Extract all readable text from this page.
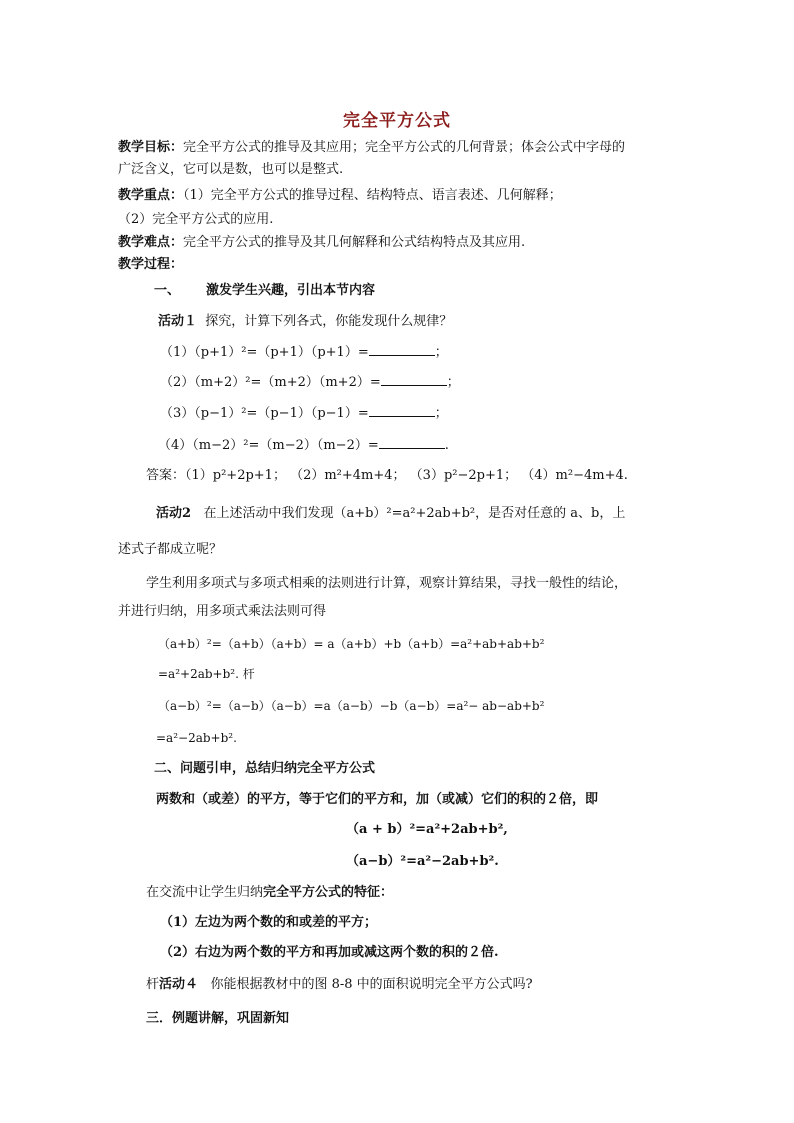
完全平方公式
教学目标：完全平方公式的推导及其应用；完全平方公式的几何背景；体会公式中字母的
广泛含义，它可以是数，也可以是整式.
教学重点：（1）完全平方公式的推导过程、结构特点、语言表述、几何解释；
（2）完全平方公式的应用.
教学难点：完全平方公式的推导及其几何解释和公式结构特点及其应用.
教学过程：
一、 激发学生兴趣，引出本节内容
活动１ 探究，计算下列各式，你能发现什么规律？
（1）（p+1）²=（p+1）（p+1）=	；
（2）（m+2）²=（m+2）（m+2）=	；
（3）（p−1）²=（p−1）（p−1）=	；
（4）（m−2）²=（m−2）（m−2）=	.
答案：（1）p²+2p+1； （2）m²+4m+4； （3）p²−2p+1； （4）m²−4m+4.
活动2 在上述活动中我们发现（a+b）²=a²+2ab+b²，是否对任意的 a、b，上
述式子都成立呢？
学生利用多项式与多项式相乘的法则进行计算，观察计算结果，寻找一般性的结论，
并进行归纳，用多项式乘法法则可得
（a+b）²=（a+b）（a+b）= a（a+b）+b（a+b）=a²+ab+ab+b²
=a²+2ab+b². 杆
（a−b）²=（a−b）（a−b）=a（a−b）−b（a−b）=a²− ab−ab+b²
=a²−2ab+b².
二、问题引申，总结归纳完全平方公式
两数和（或差）的平方，等于它们的平方和，加（或减）它们的积的２倍，即
（a + b）²=a²+2ab+b²,
（a−b）²=a²−2ab+b².
在交流中让学生归纳完全平方公式的特征：
（1）左边为两个数的和或差的平方；
（2）右边为两个数的平方和再加或减这两个数的积的２倍.
杆活动４ 你能根据教材中的图 8-8 中的面积说明完全平方公式吗?
三．例题讲解，巩固新知
